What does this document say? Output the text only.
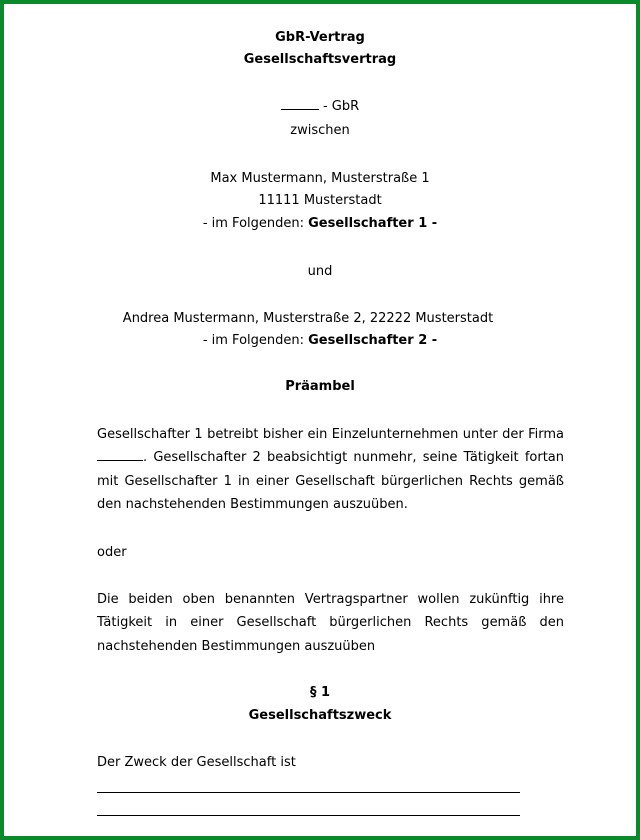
GbR-Vertrag
Gesellschaftsvertrag
- GbR
zwischen
Max Mustermann, Musterstraße 1
11111 Musterstadt
- im Folgenden: Gesellschafter 1 -
und
Andrea Mustermann, Musterstraße 2, 22222 Musterstadt
- im Folgenden: Gesellschafter 2 -
Präambel
Gesellschafter 1 betreibt bisher ein Einzelunternehmen unter der Firma
. Gesellschafter 2 beabsichtigt nunmehr, seine Tätigkeit fortan
mit Gesellschafter 1 in einer Gesellschaft bürgerlichen Rechts gemäß
den nachstehenden Bestimmungen auszuüben.
oder
Die beiden oben benannten Vertragspartner wollen zukünftig ihre
Tätigkeit in einer Gesellschaft bürgerlichen Rechts gemäß den
nachstehenden Bestimmungen auszuüben
§ 1
Gesellschaftszweck
Der Zweck der Gesellschaft ist
